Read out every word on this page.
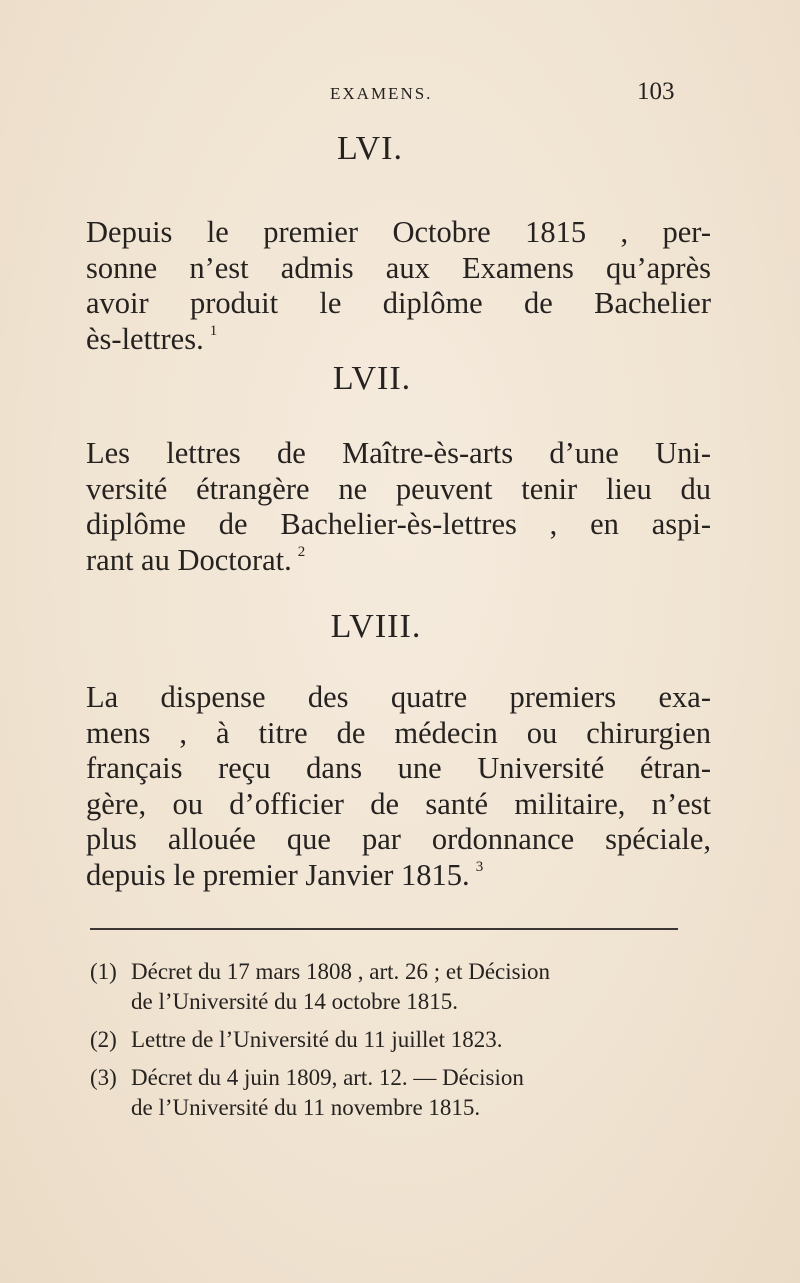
EXAMENS.	103
LVI.
Depuis le premier Octobre 1815 , per-
sonne n’est admis aux Examens qu’après
avoir produit le diplôme de Bachelier
ès-lettres. $^1$
LVII.
Les lettres de Maître-ès-arts d’une Uni-
versité étrangère ne peuvent tenir lieu du
diplôme de Bachelier-ès-lettres , en aspi-
rant au Doctorat. $^2$
LVIII.
La dispense des quatre premiers exa-
mens , à titre de médecin ou chirurgien
français reçu dans une Université étran-
gère, ou d’officier de santé militaire, n’est
plus allouée que par ordonnance spéciale,
depuis le premier Janvier 1815. $^3$
(1) Décret du 17 mars 1808 , art. 26 ; et Décision
de l’Université du 14 octobre 1815.
(2) Lettre de l’Université du 11 juillet 1823.
(3) Décret du 4 juin 1809, art. 12. — Décision
de l’Université du 11 novembre 1815.
